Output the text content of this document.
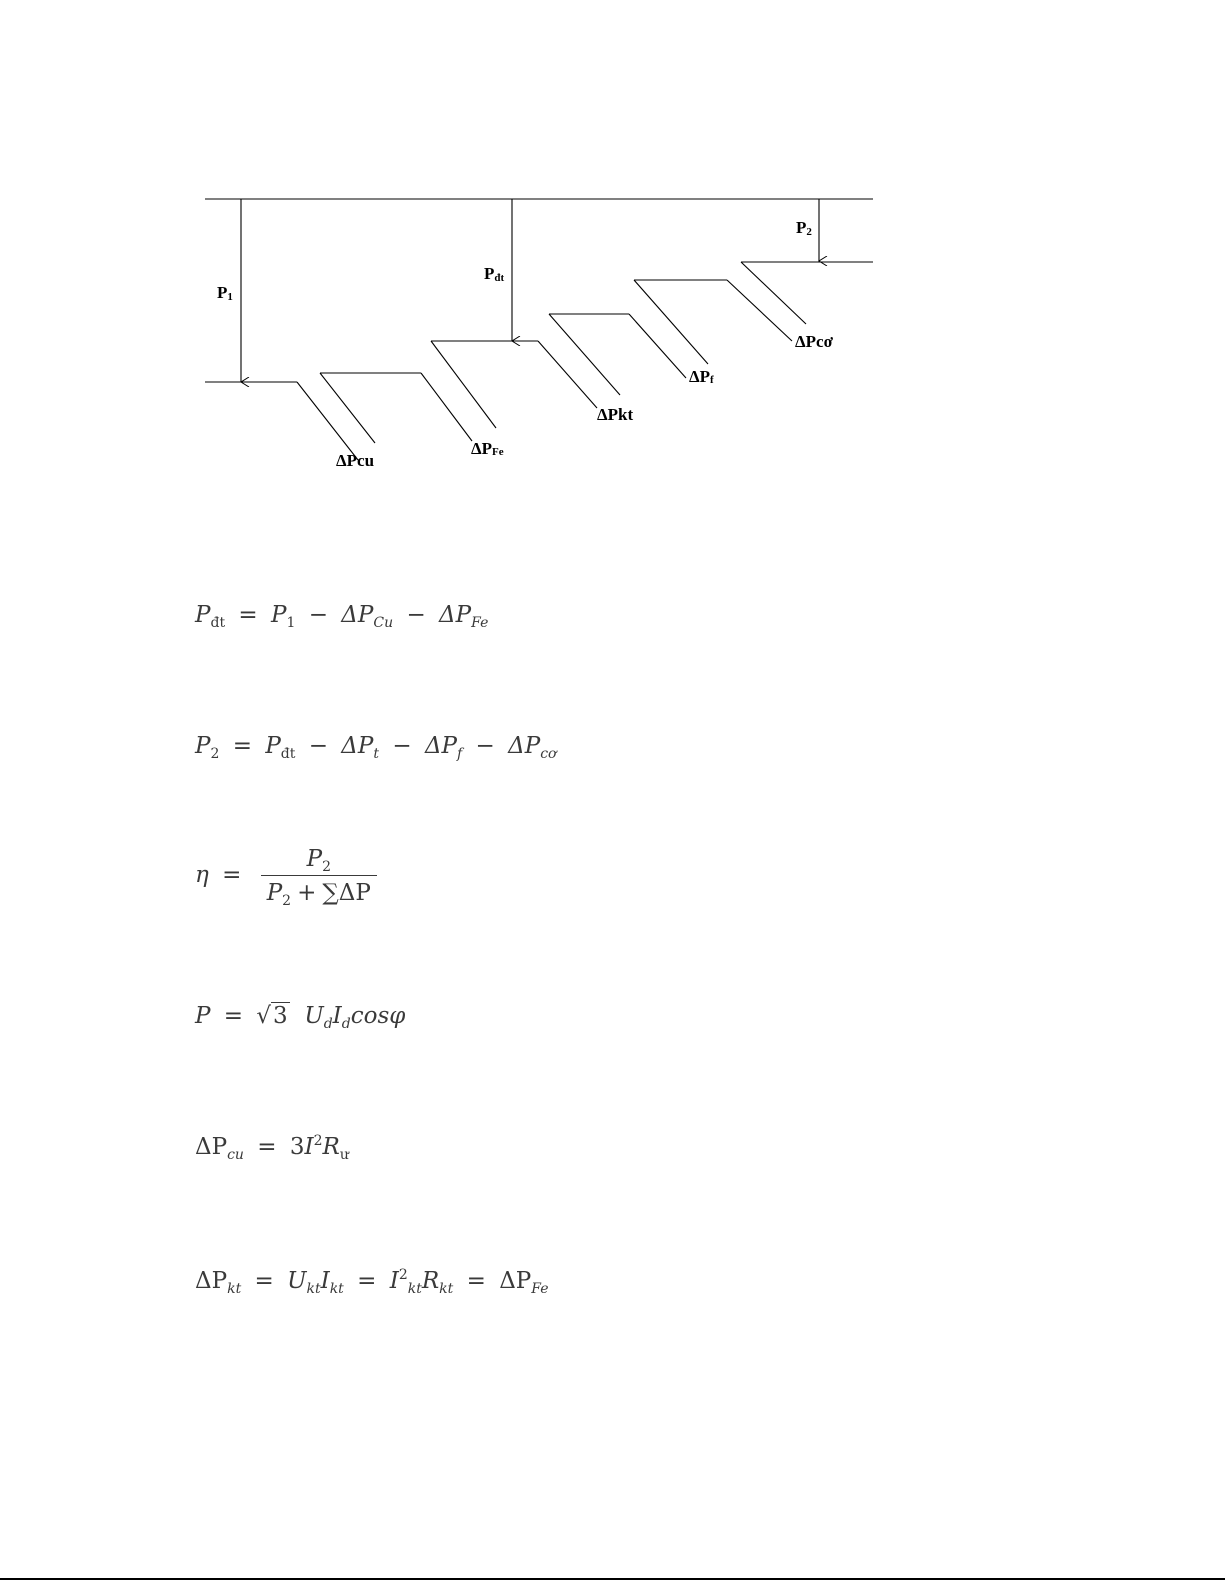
P1
Pđt
P2
ΔPcu
ΔPFe
ΔPkt
ΔPf
ΔPcơ
$P_{đt} = P_1 - \Delta P_{Cu} - \Delta P_{Fe}$
$P_2 = P_{đt} - \Delta P_t - \Delta P_f - \Delta P_{cơ}$
$\eta = \frac{P_2}{P_2 + \sum\Delta P}$
P = √3 $U_dI_d\cos\varphi$
$\Delta P_{cu} = 3I^2R_ư$
$\Delta P_{kt} = U_{kt}I_{kt} = I^2_{kt}R_{kt} = \Delta P_{Fe}$
